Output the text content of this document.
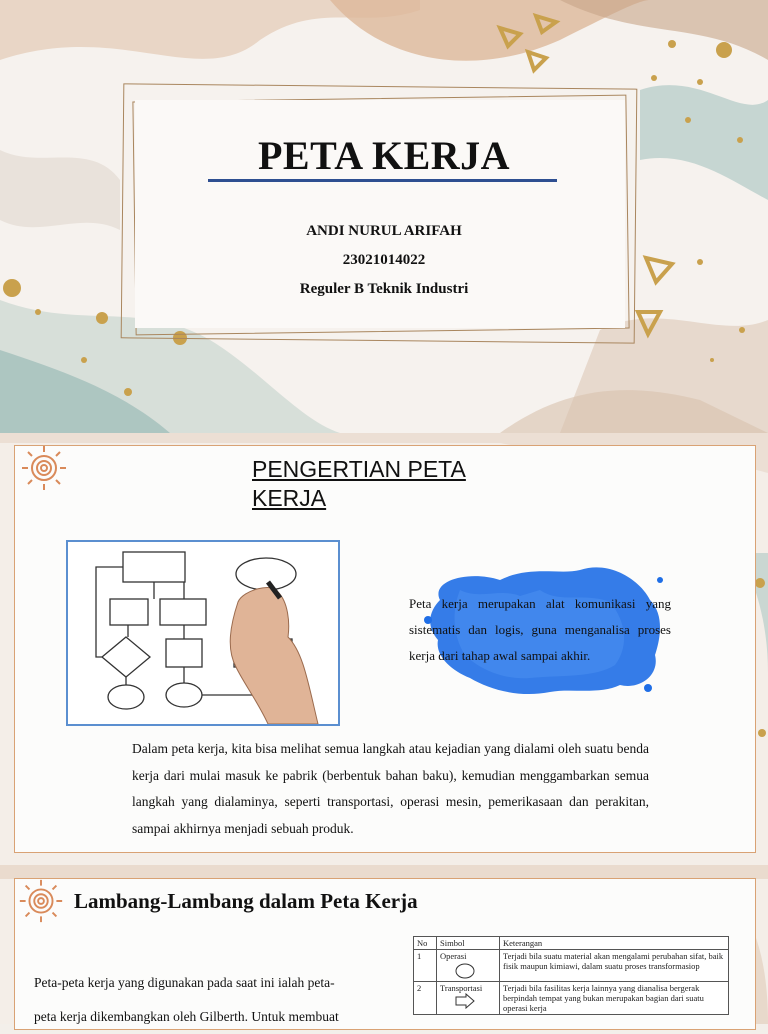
PETA KERJA
ANDI NURUL ARIFAH
23021014022
Reguler B Teknik Industri
PENGERTIAN PETA
KERJA
Peta kerja merupakan alat komunikasi yang sistematis dan logis, guna menganalisa proses kerja dari tahap awal sampai akhir.
Dalam peta kerja, kita bisa melihat semua langkah atau kejadian yang dialami oleh suatu benda kerja dari mulai masuk ke pabrik (berbentuk bahan baku), kemudian menggambarkan semua langkah yang dialaminya, seperti transportasi, operasi mesin, pemerikasaan dan perakitan, sampai akhirnya menjadi sebuah produk.
Lambang-Lambang dalam Peta Kerja
Peta-peta kerja yang digunakan pada saat ini ialah peta-
peta kerja dikembangkan oleh Gilberth. Untuk membuat
No	Simbol	Keterangan
1	Operasi	Terjadi bila suatu material akan mengalami perubahan sifat, baik fisik maupun kimiawi, dalam suatu proses transformasiop
2	Transportasi	Terjadi bila fasilitas kerja lainnya yang dianalisa bergerak berpindah tempat yang bukan merupakan bagian dari suatu operasi kerja
